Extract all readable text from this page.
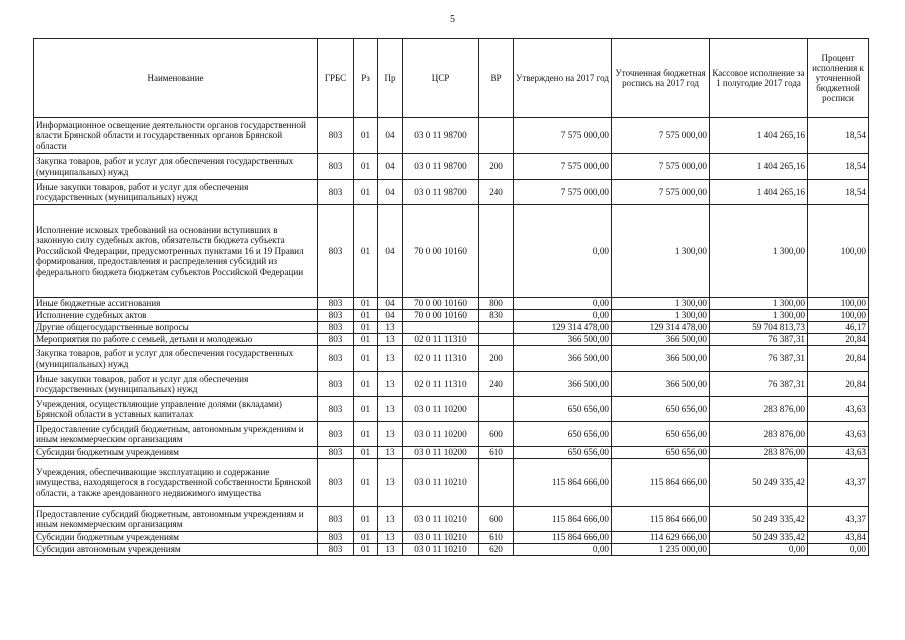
5
Наименование	ГРБС	Рз	Пр	ЦСР	ВР	Утверждено на 2017 год	Уточненная бюджетная роспись на 2017 год	Кассовое исполнение за 1 полугодие 2017 года	Процент исполнения к уточненной бюджетной росписи
Информационное освещение деятельности органов государственной власти Брянской области и государственных органов Брянской области	803	01	04	03 0 11 98700		7 575 000,00	7 575 000,00	1 404 265,16	18,54
Закупка товаров, работ и услуг для обеспечения государственных (муниципальных) нужд	803	01	04	03 0 11 98700	200	7 575 000,00	7 575 000,00	1 404 265,16	18,54
Иные закупки товаров, работ и услуг для обеспечения государственных (муниципальных) нужд	803	01	04	03 0 11 98700	240	7 575 000,00	7 575 000,00	1 404 265,16	18,54
Исполнение исковых требований на основании вступивших в законную силу судебных актов, обязательств бюджета субъекта Российской Федерации, предусмотренных пунктами 16 и 19 Правил формирования, предоставления и распределения субсидий из федерального бюджета бюджетам субъектов Российской Федерации	803	01	04	70 0 00 10160		0,00	1 300,00	1 300,00	100,00
Иные бюджетные ассигнования	803	01	04	70 0 00 10160	800	0,00	1 300,00	1 300,00	100,00
Исполнение судебных актов	803	01	04	70 0 00 10160	830	0,00	1 300,00	1 300,00	100,00
Другие общегосударственные вопросы	803	01	13			129 314 478,00	129 314 478,00	59 704 813,73	46,17
Мероприятия по работе с семьей, детьми и молодежью	803	01	13	02 0 11 11310		366 500,00	366 500,00	76 387,31	20,84
Закупка товаров, работ и услуг для обеспечения государственных (муниципальных) нужд	803	01	13	02 0 11 11310	200	366 500,00	366 500,00	76 387,31	20,84
Иные закупки товаров, работ и услуг для обеспечения государственных (муниципальных) нужд	803	01	13	02 0 11 11310	240	366 500,00	366 500,00	76 387,31	20,84
Учреждения, осуществляющие управление долями (вкладами) Брянской области в уставных капиталах	803	01	13	03 0 11 10200		650 656,00	650 656,00	283 876,00	43,63
Предоставление субсидий бюджетным, автономным учреждениям и иным некоммерческим организациям	803	01	13	03 0 11 10200	600	650 656,00	650 656,00	283 876,00	43,63
Субсидии бюджетным учреждениям	803	01	13	03 0 11 10200	610	650 656,00	650 656,00	283 876,00	43,63
Учреждения, обеспечивающие эксплуатацию и содержание имущества, находящегося в государственной собственности Брянской области, а также арендованного недвижимого имущества	803	01	13	03 0 11 10210		115 864 666,00	115 864 666,00	50 249 335,42	43,37
Предоставление субсидий бюджетным, автономным учреждениям и иным некоммерческим организациям	803	01	13	03 0 11 10210	600	115 864 666,00	115 864 666,00	50 249 335,42	43,37
Субсидии бюджетным учреждениям	803	01	13	03 0 11 10210	610	115 864 666,00	114 629 666,00	50 249 335,42	43,84
Субсидии автономным учреждениям	803	01	13	03 0 11 10210	620	0,00	1 235 000,00	0,00	0,00
